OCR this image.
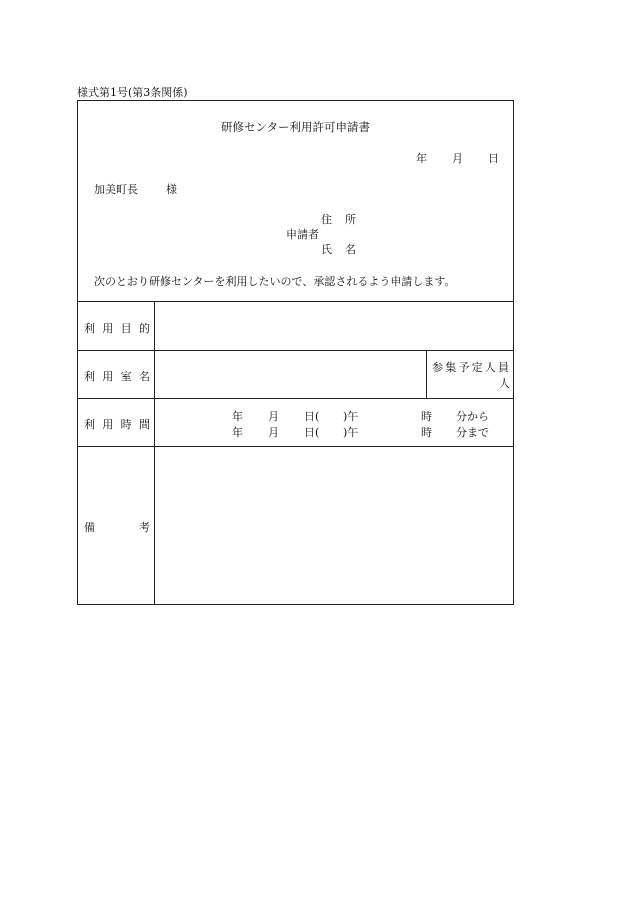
様式第1号(第3条関係)
研修センター利用許可申請書
年 月 日
加美町長	様
住 所
申請者
氏 名
次のとおり研修センターを利用したいので、承認されるよう申請します。
利 用 目 的
利 用 室 名
参 集 予 定 人 員
人
利 用 時 間
年 月 日( )午	時 分から
年 月 日( )午	時 分まで
備	考
